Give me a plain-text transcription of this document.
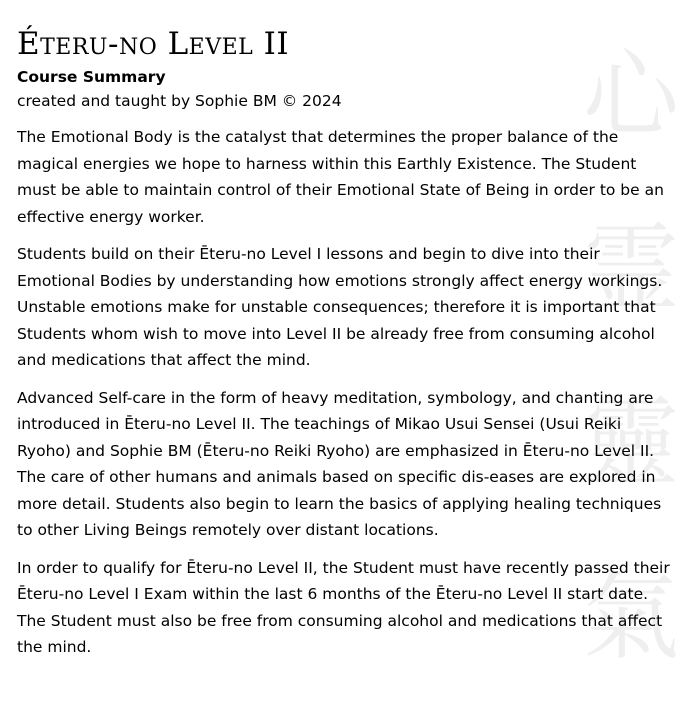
心
霊
靈
氣
Éteru-no Level II

Course Summary

created and taught by Sophie BM © 2024

The Emotional Body is the catalyst that determines the proper balance of the magical energies we hope to harness within this Earthly Existence. The Student must be able to maintain control of their Emotional State of Being in order to be an effective energy worker.

Students build on their Ēteru-no Level I lessons and begin to dive into their Emotional Bodies by understanding how emotions strongly affect energy workings. Unstable emotions make for unstable consequences; therefore it is important that Students whom wish to move into Level II be already free from consuming alcohol and medications that affect the mind.

Advanced Self-care in the form of heavy meditation, symbology, and chanting are introduced in Ēteru-no Level II. The teachings of Mikao Usui Sensei (Usui Reiki Ryoho) and Sophie BM (Ēteru-no Reiki Ryoho) are emphasized in Ēteru-no Level II. The care of other humans and animals based on specific dis-eases are explored in more detail. Students also begin to learn the basics of applying healing techniques to other Living Beings remotely over distant locations.

In order to qualify for Ēteru-no Level II, the Student must have recently passed their Ēteru-no Level I Exam within the last 6 months of the Ēteru-no Level II start date. The Student must also be free from consuming alcohol and medications that affect the mind.
